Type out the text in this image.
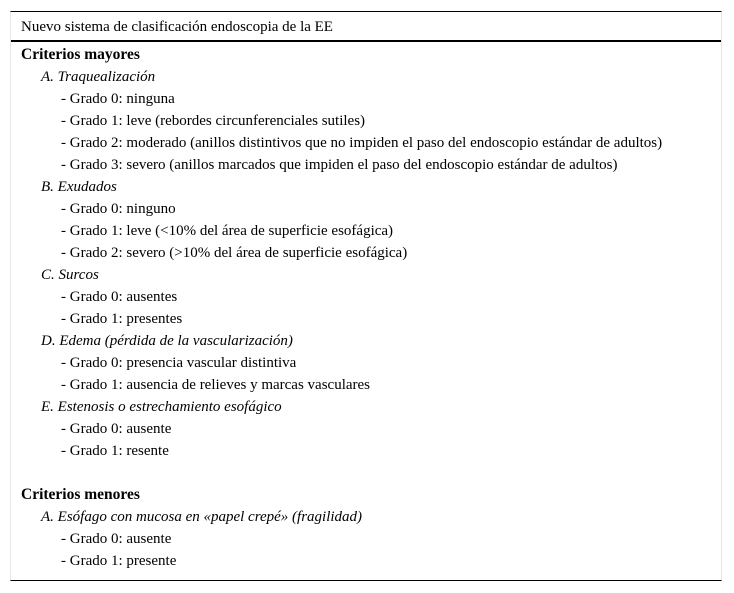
Nuevo sistema de clasificación endoscopia de la EE
Criterios mayores
A. Traquealización
- Grado 0: ninguna
- Grado 1: leve (rebordes circunferenciales sutiles)
- Grado 2: moderado (anillos distintivos que no impiden el paso del endoscopio estándar de adultos)
- Grado 3: severo (anillos marcados que impiden el paso del endoscopio estándar de adultos)
B. Exudados
- Grado 0: ninguno
- Grado 1: leve (<10% del área de superficie esofágica)
- Grado 2: severo (>10% del área de superficie esofágica)
C. Surcos
- Grado 0: ausentes
- Grado 1: presentes
D. Edema (pérdida de la vascularización)
- Grado 0: presencia vascular distintiva
- Grado 1: ausencia de relieves y marcas vasculares
E. Estenosis o estrechamiento esofágico
- Grado 0: ausente
- Grado 1: resente
Criterios menores
A. Esófago con mucosa en «papel crepé» (fragilidad)
- Grado 0: ausente
- Grado 1: presente
